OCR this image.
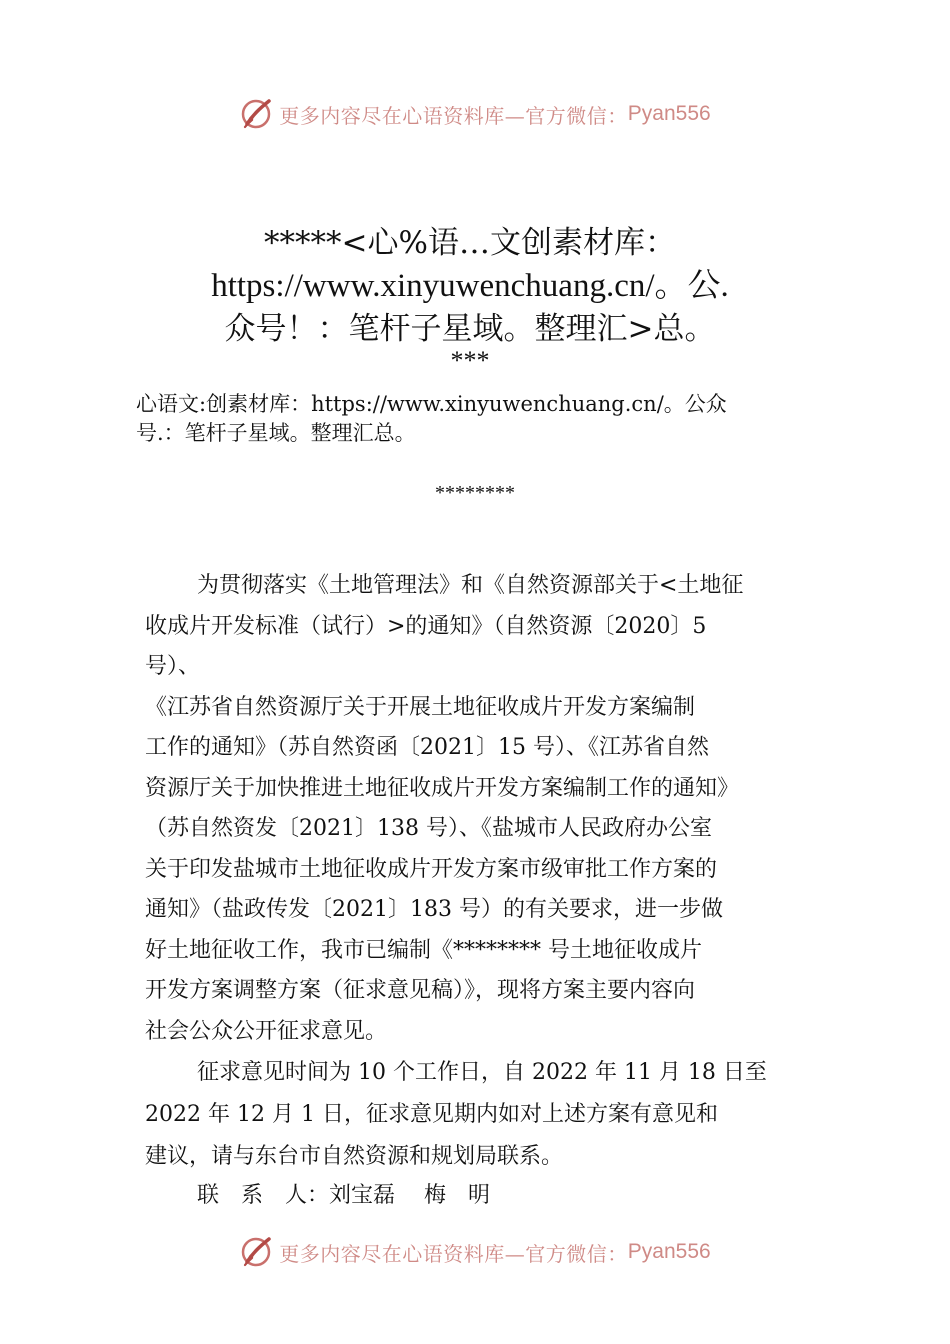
更多内容尽在心语资料库—官方微信： Pyan556
*****<心%语…文创素材库：
https://www.xinyuwenchuang.cn/。公.
众号！：笔杆子星域。整理汇>总。
***
心语文:创素材库：https://www.xinyuwenchuang.cn/。公众
号.：笔杆子星域。整理汇总。
********
为贯彻落实《土地管理法》和《自然资源部关于<土地征
收成片开发标准（试行）>的通知》（自然资源〔2020〕5
号）、
《江苏省自然资源厅关于开展土地征收成片开发方案编制
工作的通知》（苏自然资函〔2021〕15 号）、《江苏省自然
资源厅关于加快推进土地征收成片开发方案编制工作的通知》
（苏自然资发〔2021〕138 号）、《盐城市人民政府办公室
关于印发盐城市土地征收成片开发方案市级审批工作方案的
通知》（盐政传发〔2021〕183 号）的有关要求，进一步做
好土地征收工作，我市已编制《******** 号土地征收成片
开发方案调整方案（征求意见稿）》，现将方案主要内容向
社会公众公开征求意见。
征求意见时间为 10 个工作日，自 2022 年 11 月 18 日至
2022 年 12 月 1 日，征求意见期内如对上述方案有意见和
建议，请与东台市自然资源和规划局联系。
联　系　人：刘宝磊　 梅　明
更多内容尽在心语资料库—官方微信： Pyan556
